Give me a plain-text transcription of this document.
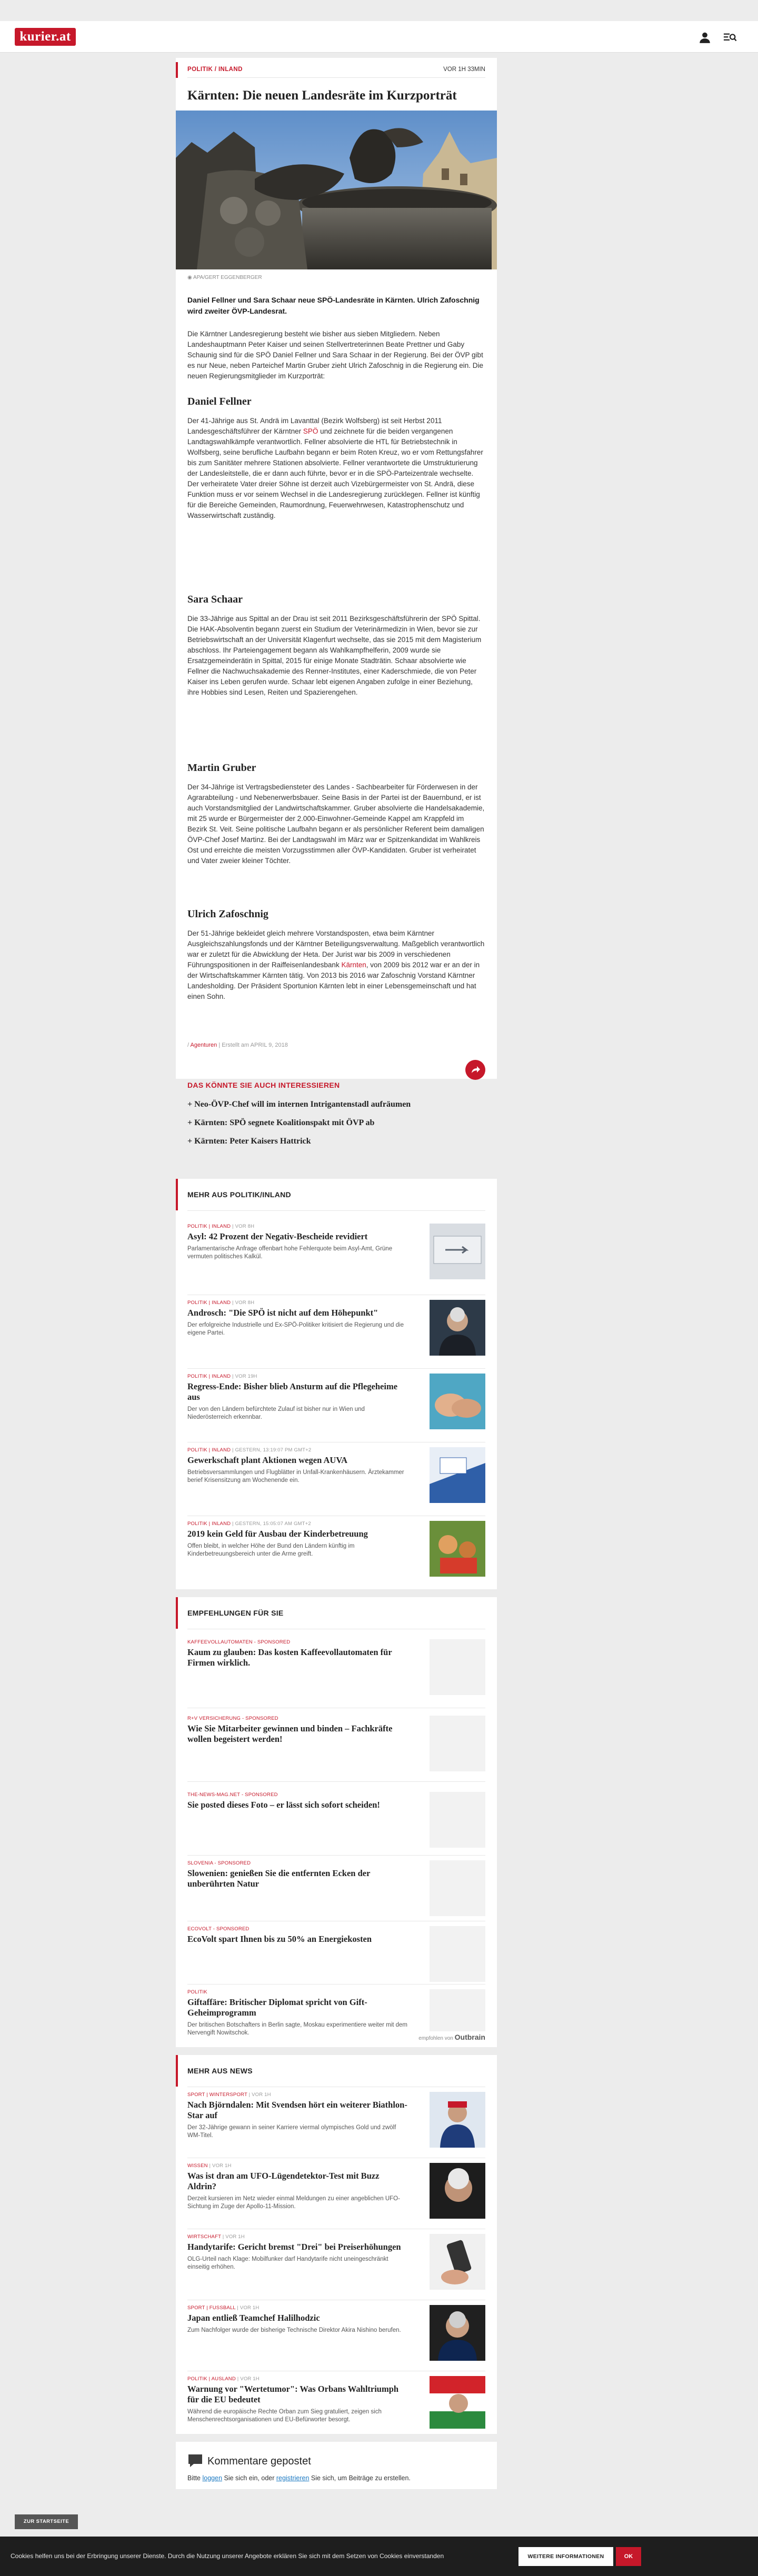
kurier.at
POLITIK / INLAND	VOR 1H 33MIN
Kärnten: Die neuen Landesräte im Kurzporträt
◉ APA/GERT EGGENBERGER

Daniel Fellner und Sara Schaar neue SPÖ-Landesräte in Kärnten. Ulrich Zafoschnig wird zweiter ÖVP-Landesrat.

Die Kärntner Landesregierung besteht wie bisher aus sieben Mitgliedern. Neben Landeshauptmann Peter Kaiser und seinen Stellvertreterinnen Beate Prettner und Gaby Schaunig sind für die SPÖ Daniel Fellner und Sara Schaar in der Regierung. Bei der ÖVP gibt es nur Neue, neben Parteichef Martin Gruber zieht Ulrich Zafoschnig in die Regierung ein. Die neuen Regierungsmitglieder im Kurzporträt:

Daniel Fellner

Der 41-Jährige aus St. Andrä im Lavanttal (Bezirk Wolfsberg) ist seit Herbst 2011 Landesgeschäftsführer der Kärntner SPÖ und zeichnete für die beiden vergangenen Landtagswahlkämpfe verantwortlich. Fellner absolvierte die HTL für Betriebstechnik in Wolfsberg, seine berufliche Laufbahn begann er beim Roten Kreuz, wo er vom Rettungsfahrer bis zum Sanitäter mehrere Stationen absolvierte. Fellner verantwortete die Umstrukturierung der Landesleitstelle, die er dann auch führte, bevor er in die SPÖ-Parteizentrale wechselte. Der verheiratete Vater dreier Söhne ist derzeit auch Vizebürgermeister von St. Andrä, diese Funktion muss er vor seinem Wechsel in die Landesregierung zurücklegen. Fellner ist künftig für die Bereiche Gemeinden, Raumordnung, Feuerwehrwesen, Katastrophenschutz und Wasserwirtschaft zuständig.

Sara Schaar

Die 33-Jährige aus Spittal an der Drau ist seit 2011 Bezirksgeschäftsführerin der SPÖ Spittal. Die HAK-Absolventin begann zuerst ein Studium der Veterinärmedizin in Wien, bevor sie zur Betriebswirtschaft an der Universität Klagenfurt wechselte, das sie 2015 mit dem Magisterium abschloss. Ihr Parteiengagement begann als Wahlkampfhelferin, 2009 wurde sie Ersatzgemeinderätin in Spittal, 2015 für einige Monate Stadträtin. Schaar absolvierte wie Fellner die Nachwuchsakademie des Renner-Institutes, einer Kaderschmiede, die von Peter Kaiser ins Leben gerufen wurde. Schaar lebt eigenen Angaben zufolge in einer Beziehung, ihre Hobbies sind Lesen, Reiten und Spazierengehen.

Martin Gruber

Der 34-Jährige ist Vertragsbediensteter des Landes - Sachbearbeiter für Förderwesen in der Agrarabteilung - und Nebenerwerbsbauer. Seine Basis in der Partei ist der Bauernbund, er ist auch Vorstandsmitglied der Landwirtschaftskammer. Gruber absolvierte die Handelsakademie, mit 25 wurde er Bürgermeister der 2.000-Einwohner-Gemeinde Kappel am Krappfeld im Bezirk St. Veit. Seine politische Laufbahn begann er als persönlicher Referent beim damaligen ÖVP-Chef Josef Martinz. Bei der Landtagswahl im März war er Spitzenkandidat im Wahlkreis Ost und erreichte die meisten Vorzugsstimmen aller ÖVP-Kandidaten. Gruber ist verheiratet und Vater zweier kleiner Töchter.

Ulrich Zafoschnig

Der 51-Jährige bekleidet gleich mehrere Vorstandsposten, etwa beim Kärntner Ausgleichszahlungsfonds und der Kärntner Beteiligungsverwaltung. Maßgeblich verantwortlich war er zuletzt für die Abwicklung der Heta. Der Jurist war bis 2009 in verschiedenen Führungspositionen in der Raiffeisenlandesbank Kärnten, von 2009 bis 2012 war er an der in der Wirtschaftskammer Kärnten tätig. Von 2013 bis 2016 war Zafoschnig Vorstand Kärntner Landesholding. Der Präsident Sportunion Kärnten lebt in einer Lebensgemeinschaft und hat einen Sohn.

/ Agenturen | Erstellt am APRIL 9, 2018
DAS KÖNNTE SIE AUCH INTERESSIEREN
+ Neo-ÖVP-Chef will im internen Intrigantenstadl aufräumen
+ Kärnten: SPÖ segnete Koalitionspakt mit ÖVP ab
+ Kärnten: Peter Kaisers Hattrick
MEHR AUS POLITIK/INLAND
POLITIK | INLAND | VOR 8H
Asyl: 42 Prozent der Negativ-Bescheide revidiert
Parlamentarische Anfrage offenbart hohe Fehlerquote beim Asyl-Amt, Grüne vermuten politisches Kalkül.
POLITIK | INLAND | VOR 8H
Androsch: "Die SPÖ ist nicht auf dem Höhepunkt"
Der erfolgreiche Industrielle und Ex-SPÖ-Politiker kritisiert die Regierung und die eigene Partei.
POLITIK | INLAND | VOR 19H
Regress-Ende: Bisher blieb Ansturm auf die Pflegeheime aus
Der von den Ländern befürchtete Zulauf ist bisher nur in Wien und Niederösterreich erkennbar.
POLITIK | INLAND | GESTERN, 13:19:07 PM GMT+2
Gewerkschaft plant Aktionen wegen AUVA
Betriebsversammlungen und Flugblätter in Unfall-Krankenhäusern. Ärztekammer berief Krisensitzung am Wochenende ein.
POLITIK | INLAND | GESTERN, 15:05:07 AM GMT+2
2019 kein Geld für Ausbau der Kinderbetreuung
Offen bleibt, in welcher Höhe der Bund den Ländern künftig im Kinderbetreuungsbereich unter die Arme greift.
EMPFEHLUNGEN FÜR SIE
KAFFEEVOLLAUTOMATEN - SPONSORED
Kaum zu glauben: Das kosten Kaffeevollautomaten für Firmen wirklich.
R+V VERSICHERUNG - SPONSORED
Wie Sie Mitarbeiter gewinnen und binden – Fachkräfte wollen begeistert werden!
THE-NEWS-MAG.NET - SPONSORED
Sie posted dieses Foto – er lässt sich sofort scheiden!
SLOVENIA - SPONSORED
Slowenien: genießen Sie die entfernten Ecken der unberührten Natur
ECOVOLT - SPONSORED
EcoVolt spart Ihnen bis zu 50% an Energiekosten
POLITIK
Giftaffäre: Britischer Diplomat spricht von Gift-Geheimprogramm
Der britischen Botschafters in Berlin sagte, Moskau experimentiere weiter mit dem Nervengift Nowitschok.
empfohlen von Outbrain
MEHR AUS NEWS
SPORT | WINTERSPORT | VOR 1H
Nach Björndalen: Mit Svendsen hört ein weiterer Biathlon-Star auf
Der 32-Jährige gewann in seiner Karriere viermal olympisches Gold und zwölf WM-Titel.
WISSEN | VOR 1H
Was ist dran am UFO-Lügendetektor-Test mit Buzz Aldrin?
Derzeit kursieren im Netz wieder einmal Meldungen zu einer angeblichen UFO-Sichtung im Zuge der Apollo-11-Mission.
WIRTSCHAFT | VOR 1H
Handytarife: Gericht bremst "Drei" bei Preiserhöhungen
OLG-Urteil nach Klage: Mobilfunker darf Handytarife nicht uneingeschränkt einseitig erhöhen.
SPORT | FUSSBALL | VOR 1H
Japan entließ Teamchef Halilhodzic
Zum Nachfolger wurde der bisherige Technische Direktor Akira Nishino berufen.
POLITIK | AUSLAND | VOR 1H
Warnung vor "Wertetumor": Was Orbans Wahltriumph für die EU bedeutet
Während die europäische Rechte Orban zum Sieg gratuliert, zeigen sich Menschenrechtsorganisationen und EU-Befürworter besorgt.
Kommentare gepostet
Bitte loggen Sie sich ein, oder registrieren Sie sich, um Beiträge zu erstellen.
ZUR STARTSEITE
Cookies helfen uns bei der Erbringung unserer Dienste. Durch die Nutzung unserer Angebote erklären Sie sich mit dem Setzen von Cookies einverstanden	WEITERE INFORMATIONEN	OK
